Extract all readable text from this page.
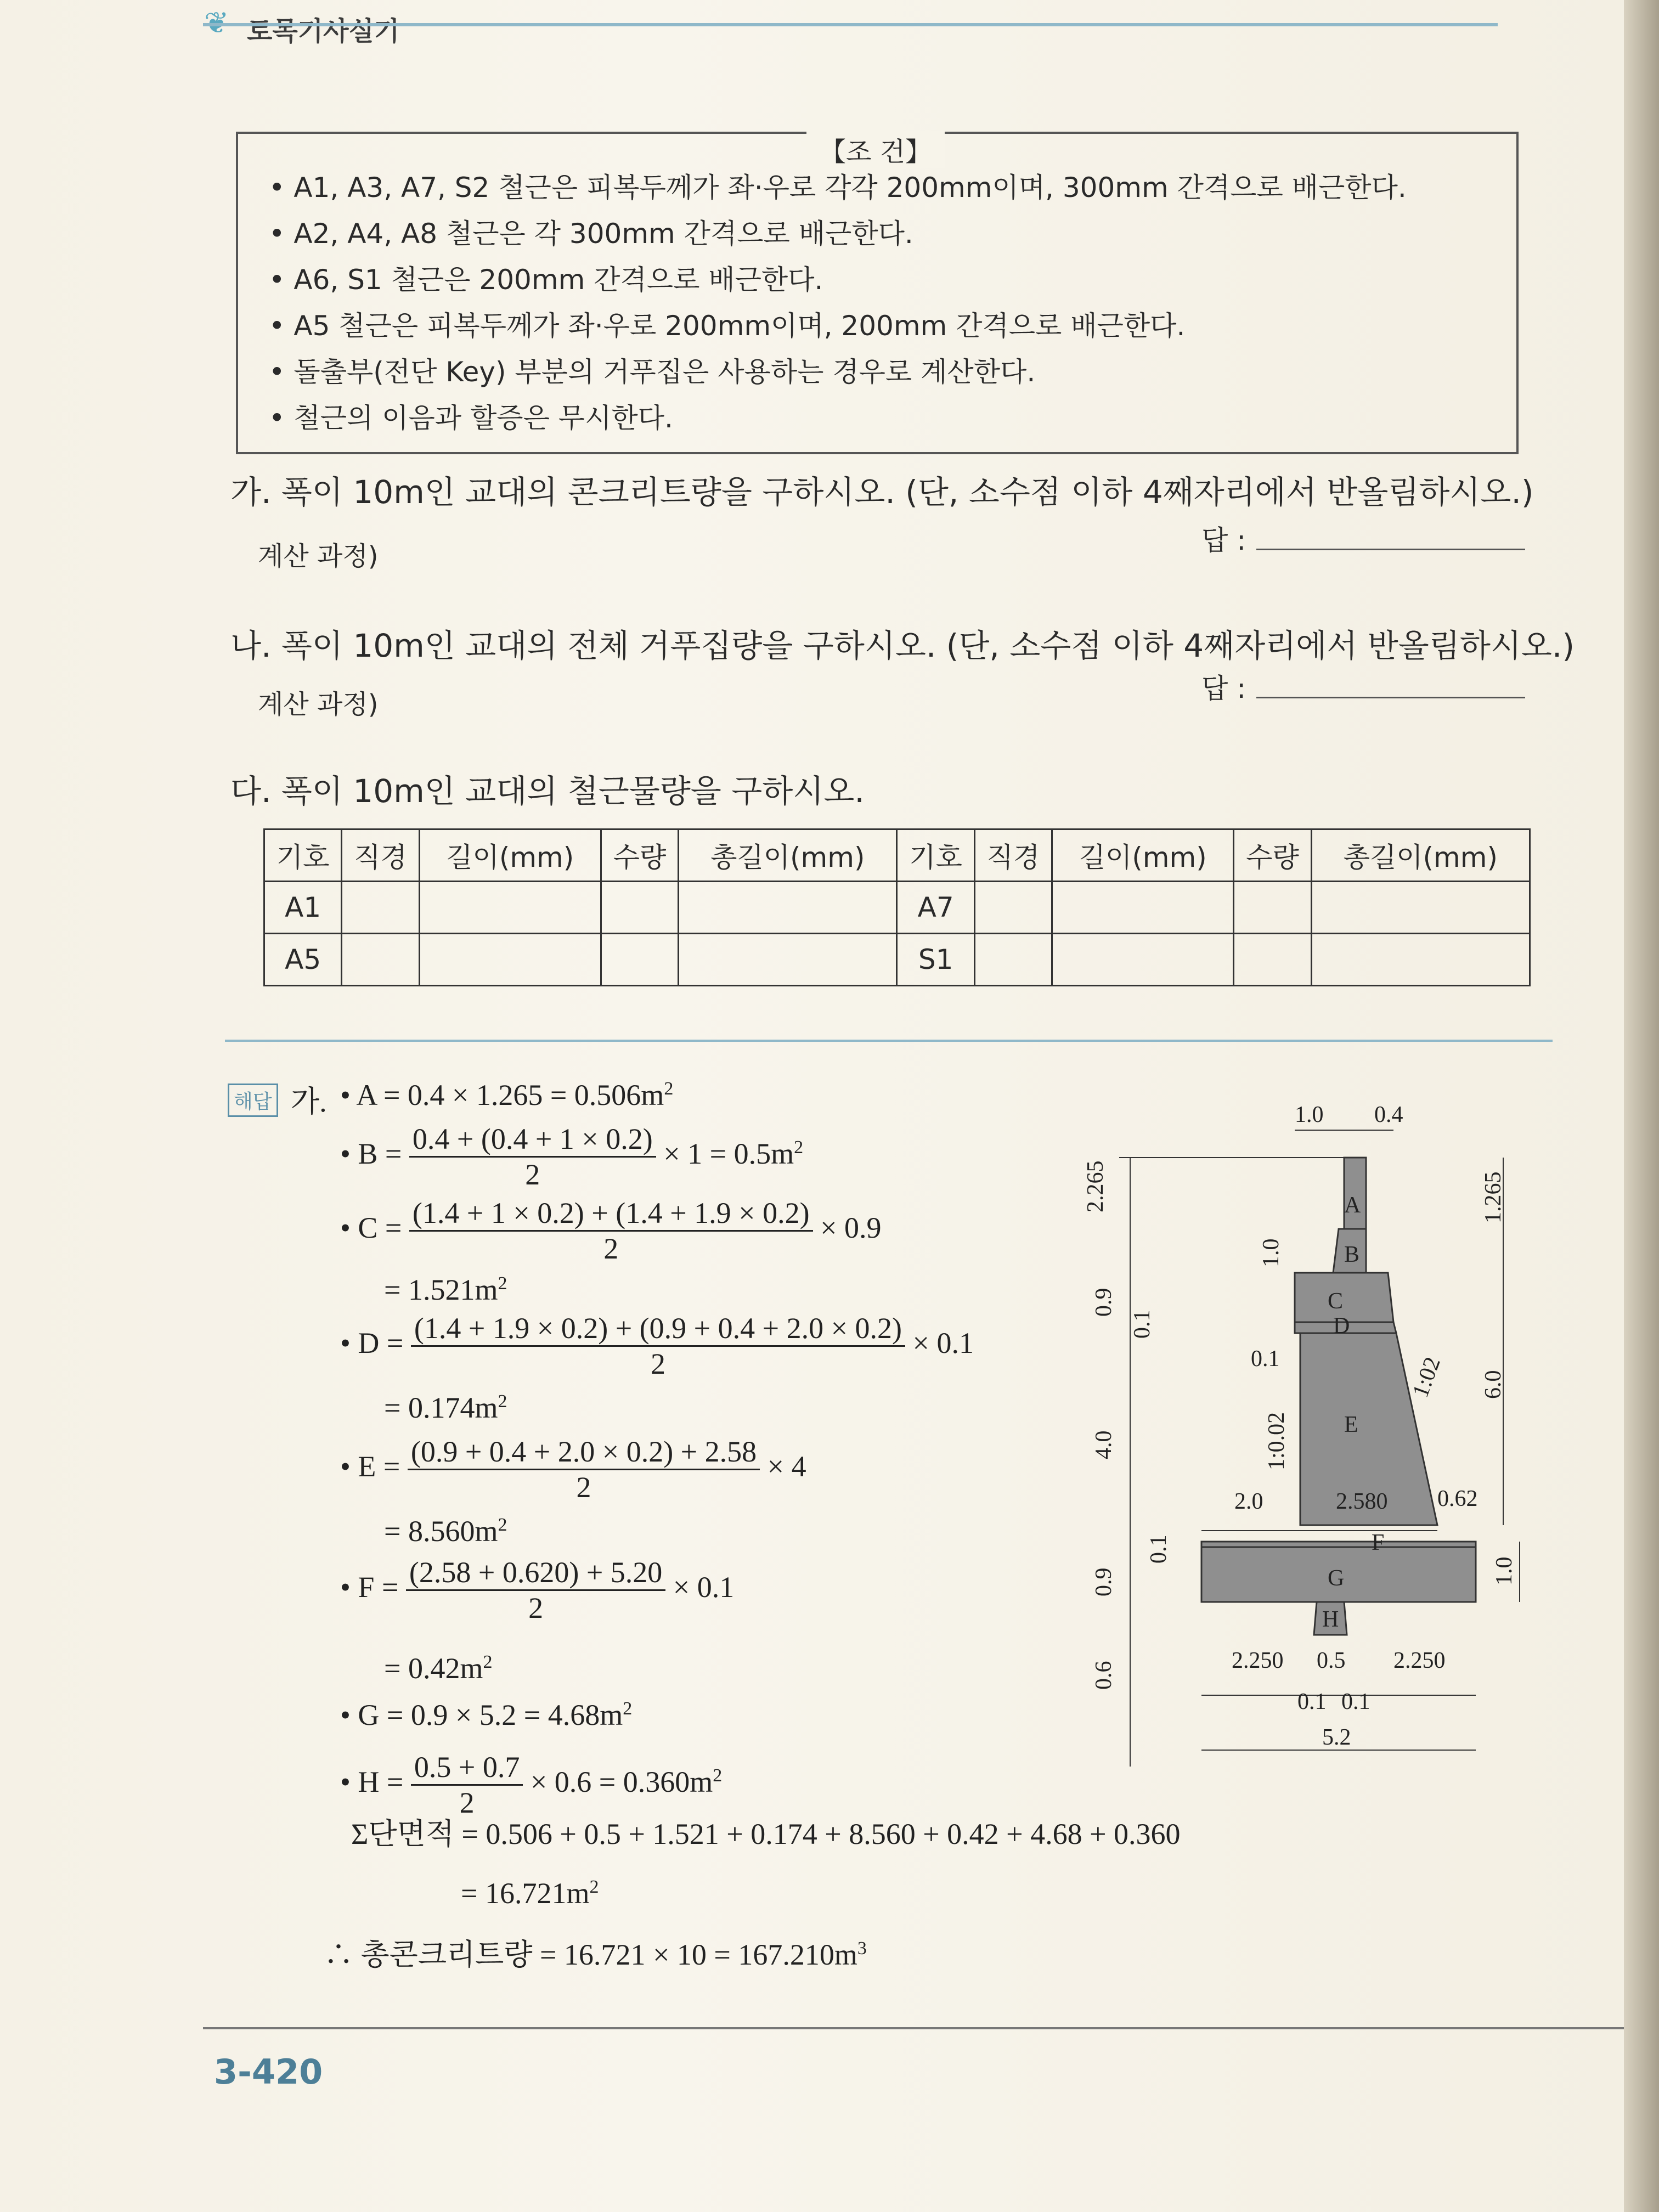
❦ 토목기사실기
【조 건】
• A1, A3, A7, S2 철근은 피복두께가 좌·우로 각각 200mm이며, 300mm 간격으로 배근한다.
• A2, A4, A8 철근은 각 300mm 간격으로 배근한다.
• A6, S1 철근은 200mm 간격으로 배근한다.
• A5 철근은 피복두께가 좌·우로 200mm이며, 200mm 간격으로 배근한다.
• 돌출부(전단 Key) 부분의 거푸집은 사용하는 경우로 계산한다.
• 철근의 이음과 할증은 무시한다.
가. 폭이 10m인 교대의 콘크리트량을 구하시오. (단, 소수점 이하 4째자리에서 반올림하시오.)
계산 과정)	답 :
나. 폭이 10m인 교대의 전체 거푸집량을 구하시오. (단, 소수점 이하 4째자리에서 반올림하시오.)
계산 과정)	답 :
다. 폭이 10m인 교대의 철근물량을 구하시오.
기호	직경	길이(mm)	수량	총길이(mm)	기호	직경	길이(mm)	수량	총길이(mm)
A1					A7				
A5					S1				
해답 가. • $A = 0.4 \times 1.265 = 0.506m^2$
• $B = \frac{0.4 + (0.4 + 1 \times 0.2)}{2} \times 1 = 0.5m^2$
• $C = \frac{(1.4 + 1 \times 0.2) + (1.4 + 1.9 \times 0.2)}{2} \times 0.9$
= $1.521m^2$
• $D = \frac{(1.4 + 1.9 \times 0.2) + (0.9 + 0.4 + 2.0 \times 0.2)}{2} \times 0.1$
= $0.174m^2$
• $E = \frac{(0.9 + 0.4 + 2.0 \times 0.2) + 2.58}{2} \times 4$
= $8.560m^2$
• $F = \frac{(2.58 + 0.620) + 5.20}{2} \times 0.1$
= $0.42m^2$
• $G = 0.9 \times 5.2 = 4.68m^2$
• $H = \frac{0.5 + 0.7}{2} \times 0.6 = 0.360m^2$
Σ단면적 = 0.506 + 0.5 + 1.521 + 0.174 + 8.560 + 0.42 + 4.68 + 0.360
= $16.721m^2$
∴ 총콘크리트량 = $16.721 \times 10 = 167.210m^3$
A
B
C
D
E
F
G
H
1.0 0.4
2.265	1.265
1.0
0.9
0.1
0.1	1:02
4.0
6.0
1:0.02
2.0	2.580 0.62
0.1
0.9	1.0
0.6
2.250 0.5 2.250
0.1 0.1
5.2
3-420
